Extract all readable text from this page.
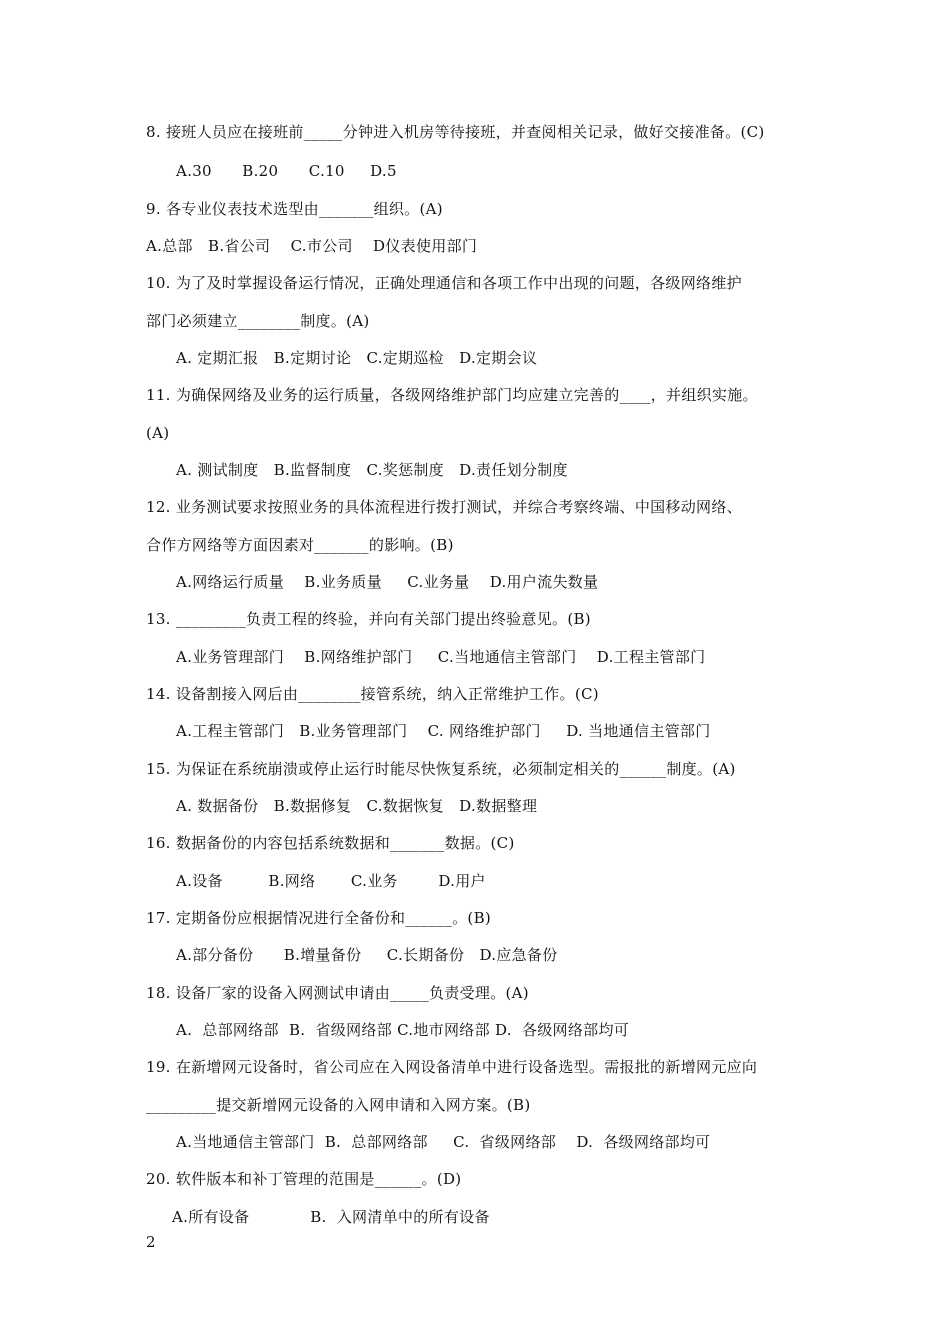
8. 接班人员应在接班前_____分钟进入机房等待接班，并查阅相关记录，做好交接准备。(C)
A.30      B.20      C.10     D.5
9. 各专业仪表技术选型由_______组织。(A)
A.总部   B.省公司    C.市公司    D仪表使用部门
10. 为了及时掌握设备运行情况，正确处理通信和各项工作中出现的问题，各级网络维护
部门必须建立________制度。(A)
A. 定期汇报   B.定期讨论   C.定期巡检   D.定期会议
11. 为确保网络及业务的运行质量，各级网络维护部门均应建立完善的____，并组织实施。
(A)
A. 测试制度   B.监督制度   C.奖惩制度   D.责任划分制度
12. 业务测试要求按照业务的具体流程进行拨打测试，并综合考察终端、中国移动网络、
合作方网络等方面因素对_______的影响。(B)
A.网络运行质量    B.业务质量     C.业务量    D.用户流失数量
13. _________负责工程的终验，并向有关部门提出终验意见。(B)
A.业务管理部门    B.网络维护部门     C.当地通信主管部门    D.工程主管部门
14. 设备割接入网后由________接管系统，纳入正常维护工作。(C)
A.工程主管部门   B.业务管理部门    C. 网络维护部门     D. 当地通信主管部门
15. 为保证在系统崩溃或停止运行时能尽快恢复系统，必须制定相关的______制度。(A)
A. 数据备份   B.数据修复   C.数据恢复   D.数据整理
16. 数据备份的内容包括系统数据和_______数据。(C)
A.设备         B.网络       C.业务        D.用户
17. 定期备份应根据情况进行全备份和______。(B)
A.部分备份      B.增量备份     C.长期备份   D.应急备份
18. 设备厂家的设备入网测试申请由_____负责受理。(A)
A.  总部网络部  B.  省级网络部 C.地市网络部 D.  各级网络部均可
19. 在新增网元设备时，省公司应在入网设备清单中进行设备选型。需报批的新增网元应向
_________提交新增网元设备的入网申请和入网方案。(B)
A.当地通信主管部门  B.  总部网络部     C.  省级网络部    D.  各级网络部均可
20. 软件版本和补丁管理的范围是______。(D)
A.所有设备            B.  入网清单中的所有设备
2
